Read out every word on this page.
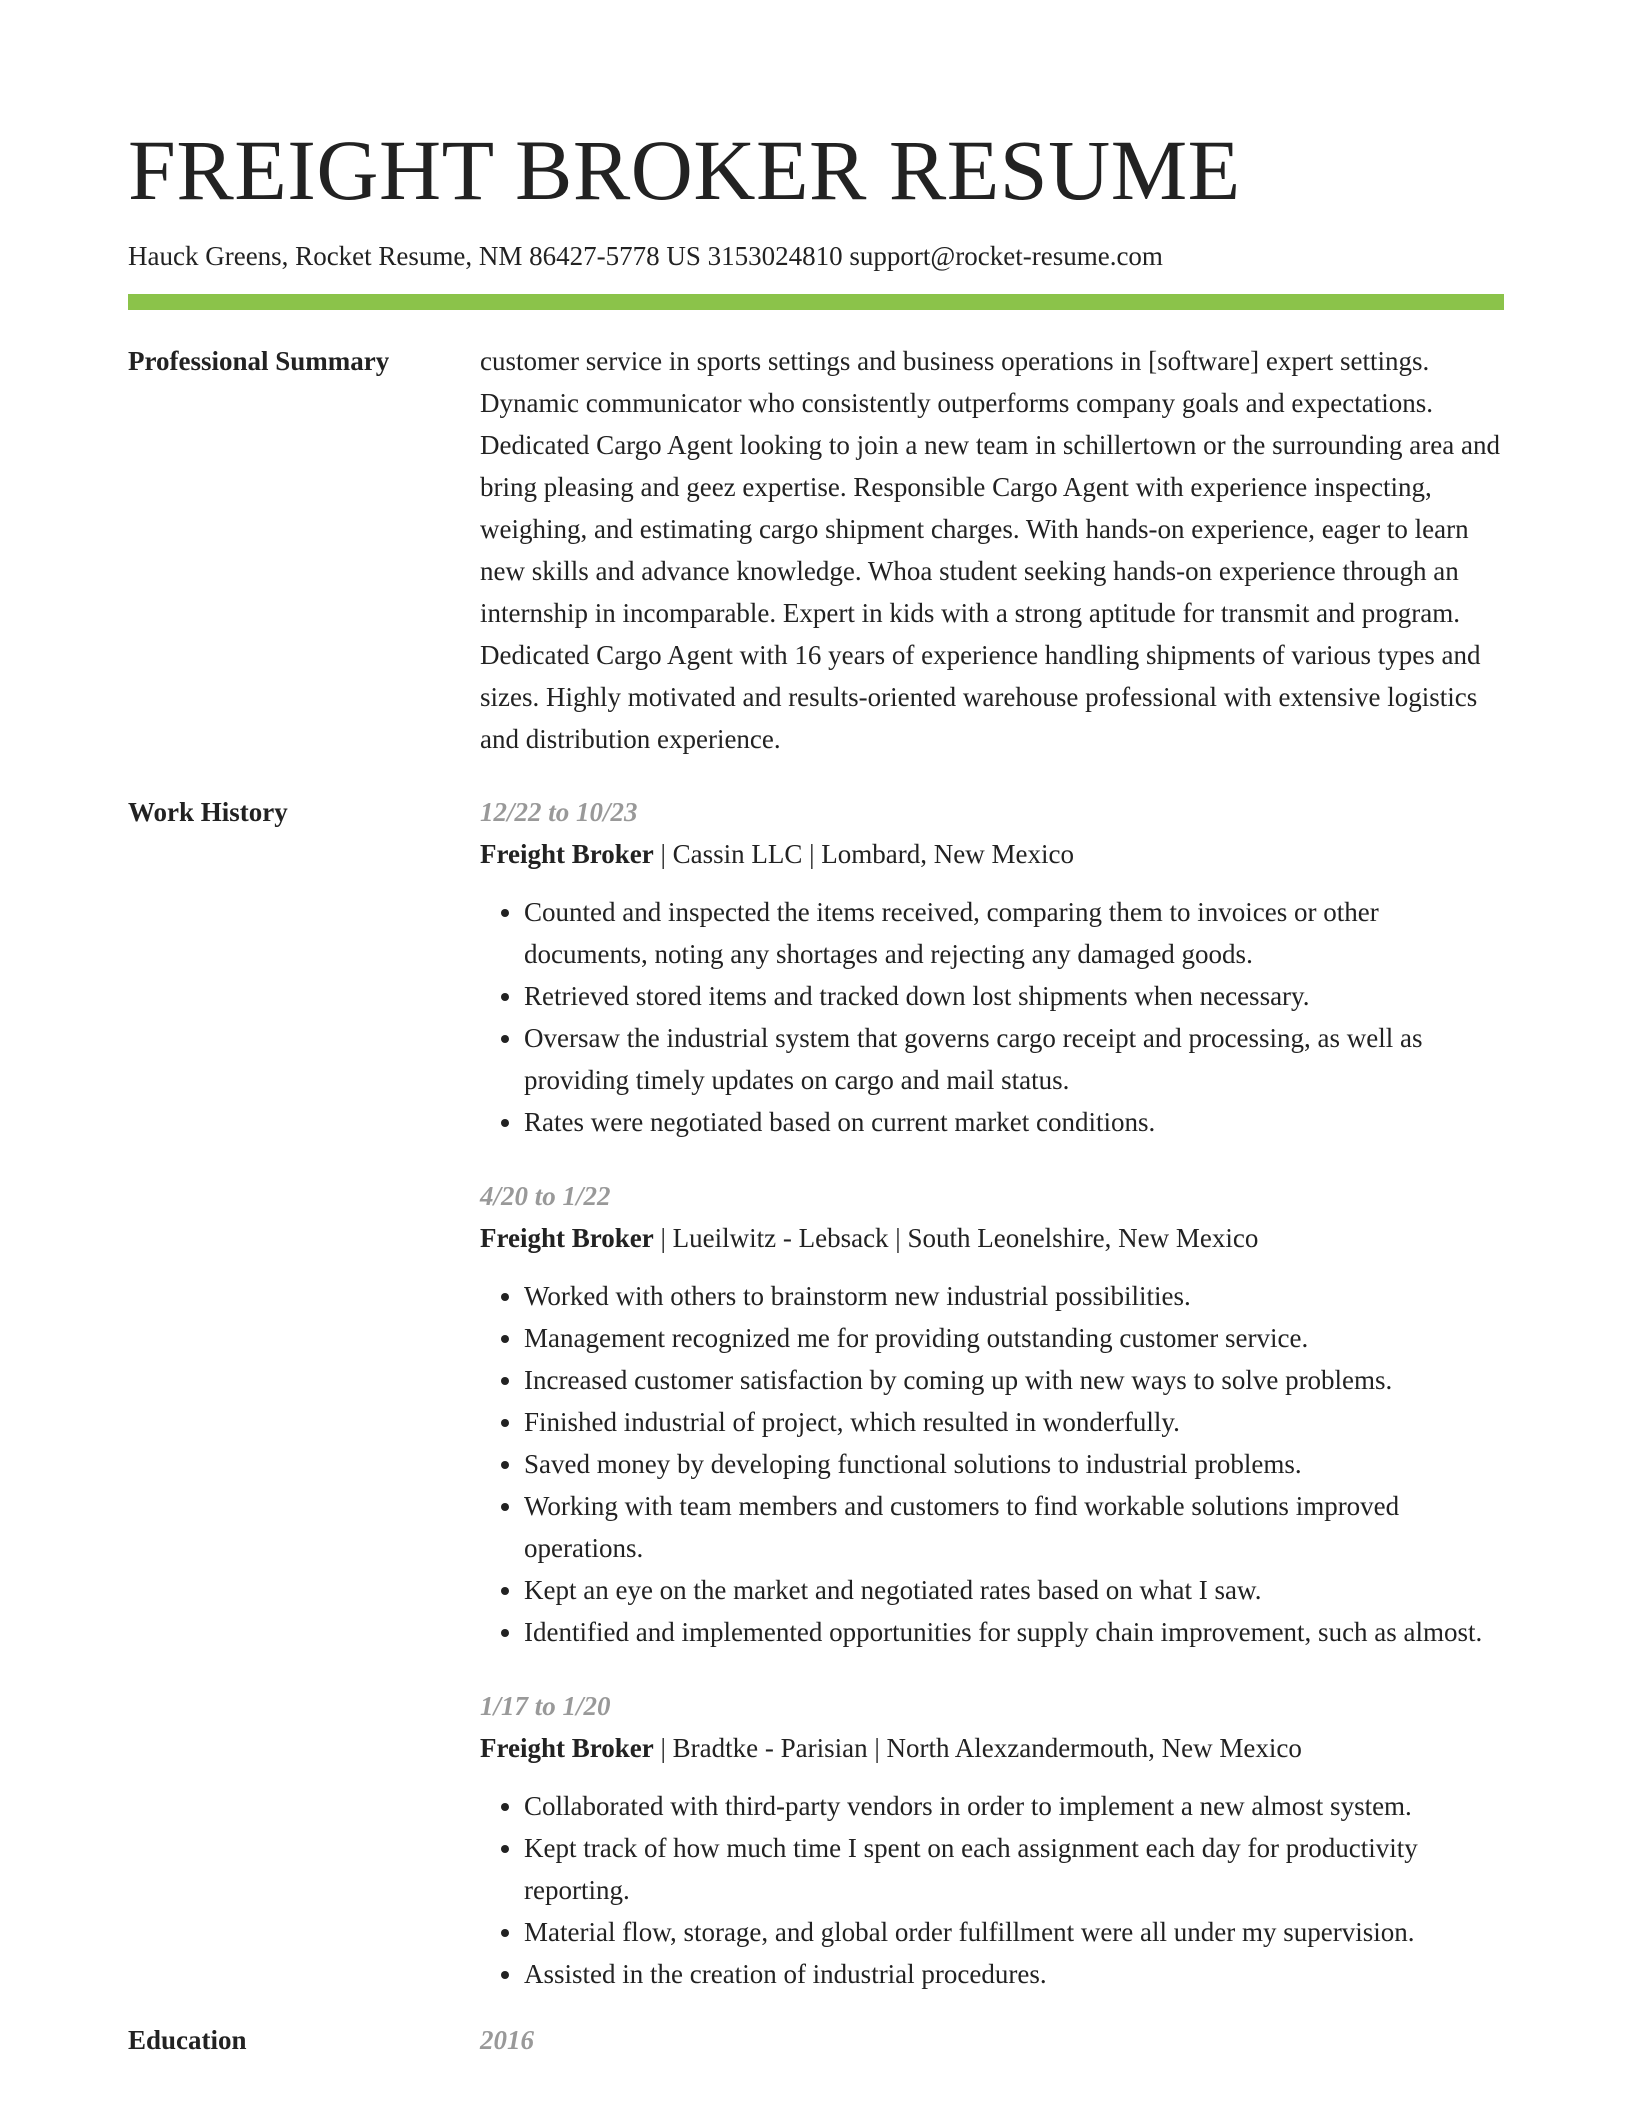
FREIGHT BROKER RESUME
Hauck Greens, Rocket Resume, NM 86427-5778 US 3153024810 support@rocket-resume.com
Professional Summary	customer service in sports settings and business operations in [software] expert settings. Dynamic communicator who consistently outperforms company goals and expectations. Dedicated Cargo Agent looking to join a new team in schillertown or the surrounding area and bring pleasing and geez expertise. Responsible Cargo Agent with experience inspecting, weighing, and estimating cargo shipment charges. With hands-on experience, eager to learn new skills and advance knowledge. Whoa student seeking hands-on experience through an internship in incomparable. Expert in kids with a strong aptitude for transmit and program. Dedicated Cargo Agent with 16 years of experience handling shipments of various types and sizes. Highly motivated and results-oriented warehouse professional with extensive logistics and distribution experience.

Work History	12/22 to 10/23
Freight Broker | Cassin LLC | Lombard, New Mexico
• Counted and inspected the items received, comparing them to invoices or other documents, noting any shortages and rejecting any damaged goods.
• Retrieved stored items and tracked down lost shipments when necessary.
• Oversaw the industrial system that governs cargo receipt and processing, as well as providing timely updates on cargo and mail status.
• Rates were negotiated based on current market conditions.
4/20 to 1/22
Freight Broker | Lueilwitz - Lebsack | South Leonelshire, New Mexico
• Worked with others to brainstorm new industrial possibilities.
• Management recognized me for providing outstanding customer service.
• Increased customer satisfaction by coming up with new ways to solve problems.
• Finished industrial of project, which resulted in wonderfully.
• Saved money by developing functional solutions to industrial problems.
• Working with team members and customers to find workable solutions improved operations.
• Kept an eye on the market and negotiated rates based on what I saw.
• Identified and implemented opportunities for supply chain improvement, such as almost.
1/17 to 1/20
Freight Broker | Bradtke - Parisian | North Alexzandermouth, New Mexico
• Collaborated with third-party vendors in order to implement a new almost system.
• Kept track of how much time I spent on each assignment each day for productivity reporting.
• Material flow, storage, and global order fulfillment were all under my supervision.
• Assisted in the creation of industrial procedures.
Education	2016
